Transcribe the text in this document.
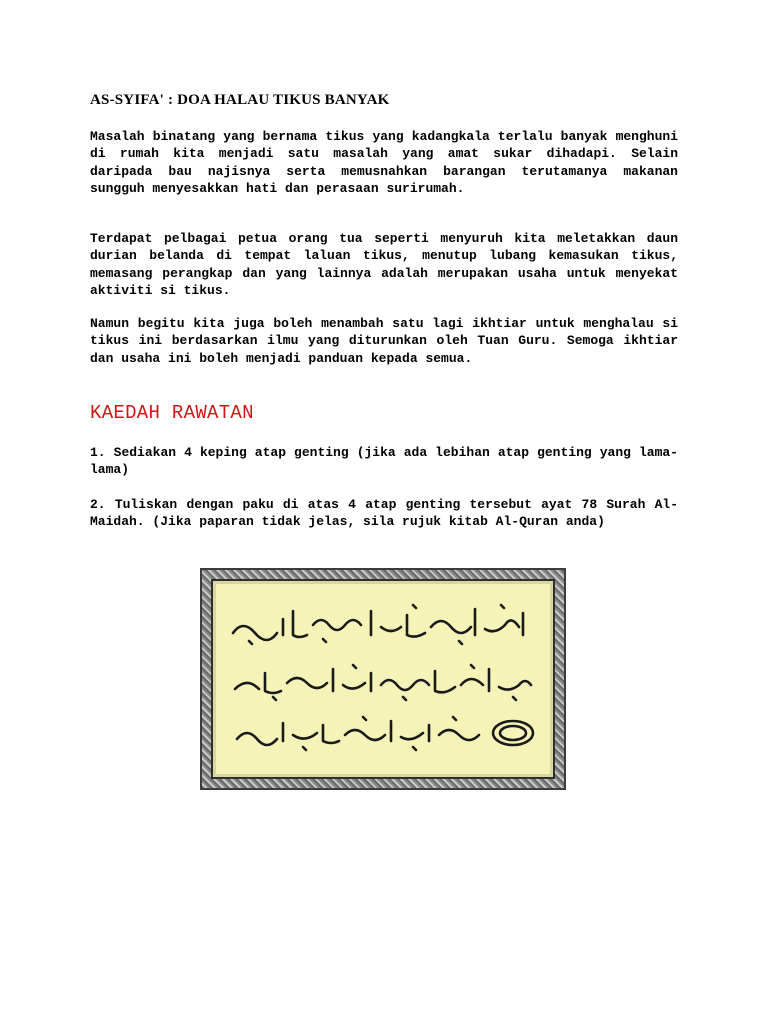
AS-SYIFA' : DOA HALAU TIKUS BANYAK

Masalah binatang yang bernama tikus yang kadangkala terlalu banyak menghuni di rumah kita menjadi satu masalah yang amat sukar dihadapi. Selain daripada bau najisnya serta memusnahkan barangan terutamanya makanan sungguh menyesakkan hati dan perasaan surirumah.

Terdapat pelbagai petua orang tua seperti menyuruh kita meletakkan daun durian belanda di tempat laluan tikus, menutup lubang kemasukan tikus, memasang perangkap dan yang lainnya adalah merupakan usaha untuk menyekat aktiviti si tikus.

Namun begitu kita juga boleh menambah satu lagi ikhtiar untuk menghalau si tikus ini berdasarkan ilmu yang diturunkan oleh Tuan Guru. Semoga ikhtiar dan usaha ini boleh menjadi panduan kepada semua.

KAEDAH RAWATAN

1. Sediakan 4 keping atap genting (jika ada lebihan atap genting yang lama-lama)

2. Tuliskan dengan paku di atas 4 atap genting tersebut ayat 78 Surah Al-Maidah. (Jika paparan tidak jelas, sila rujuk kitab Al-Quran anda)
